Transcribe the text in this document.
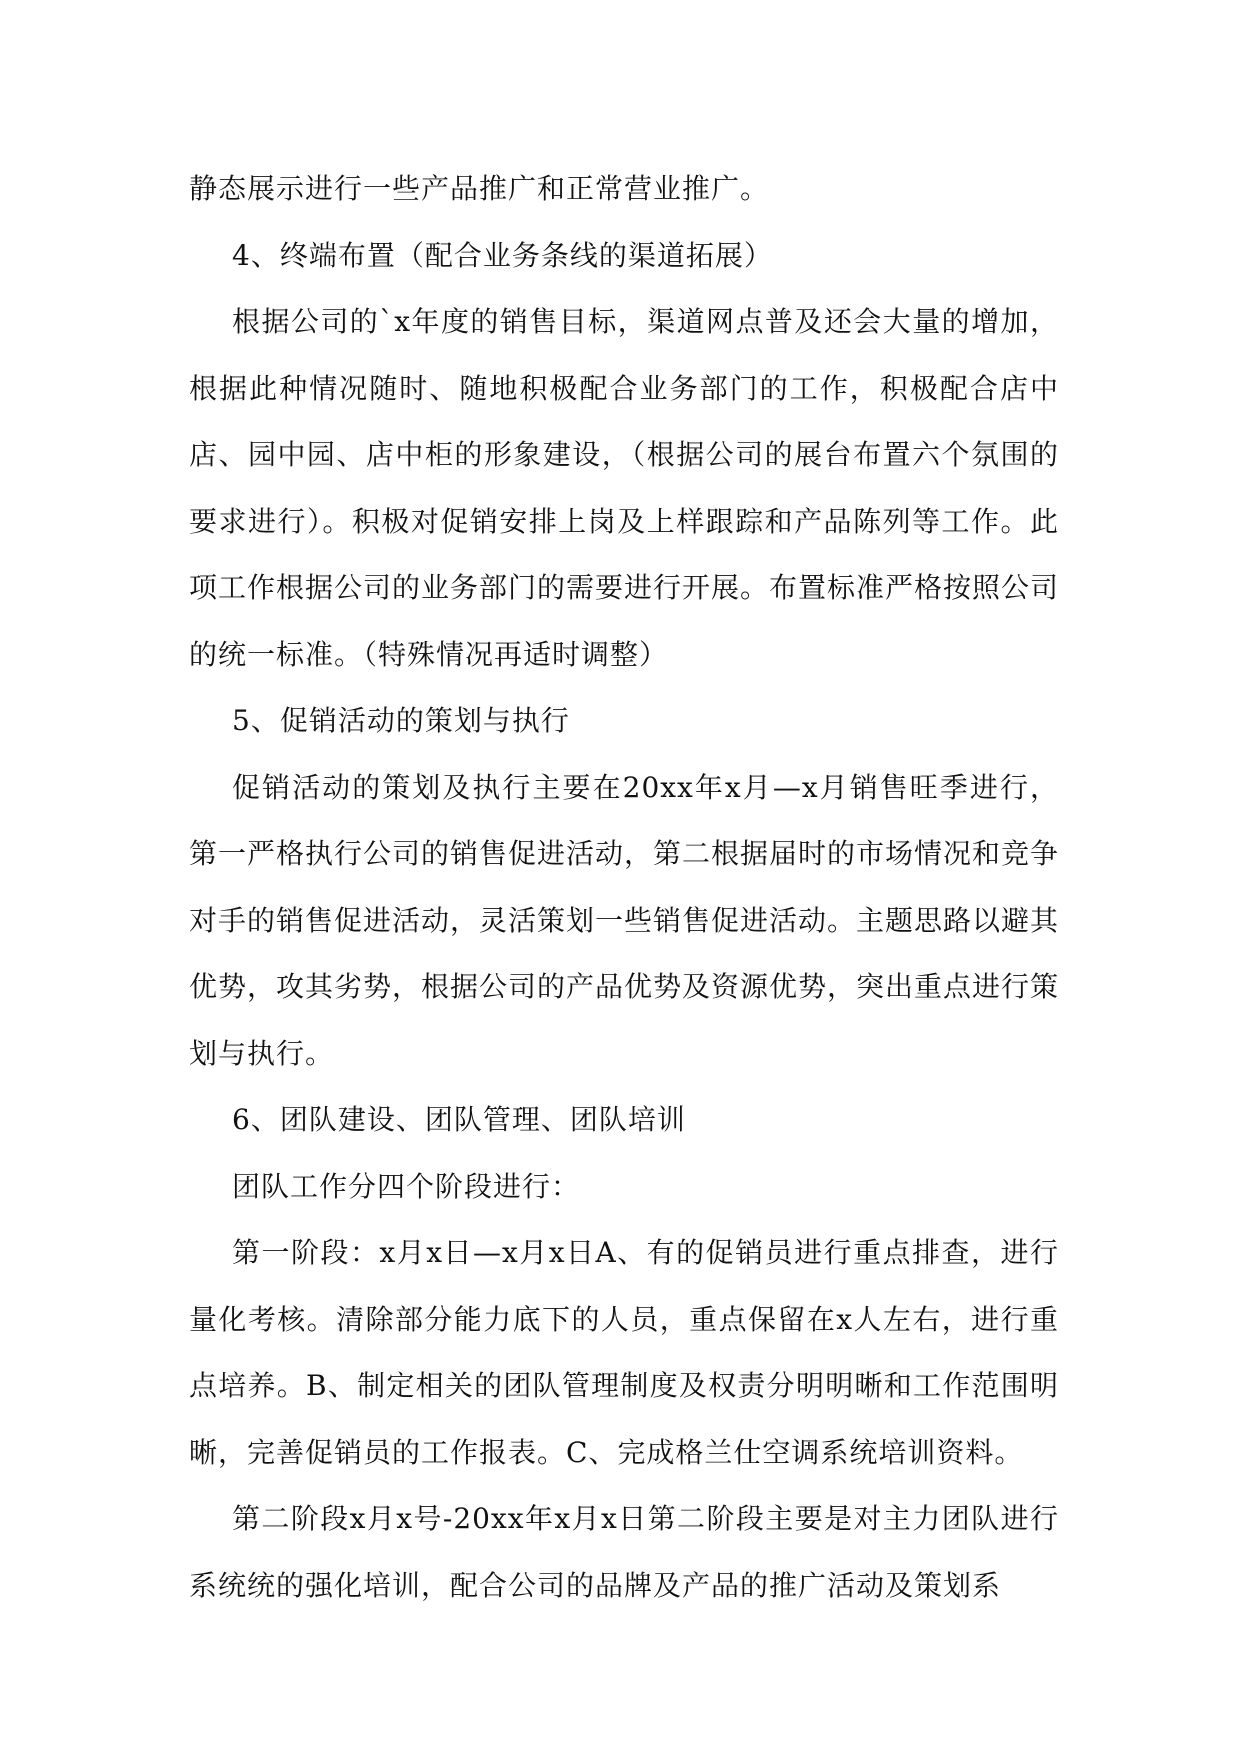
静态展示进行一些产品推广和正常营业推广。

4、终端布置（配合业务条线的渠道拓展）

根据公司的`x年度的销售目标，渠道网点普及还会大量的增加，根据此种情况随时、随地积极配合业务部门的工作，积极配合店中店、园中园、店中柜的形象建设，（根据公司的展台布置六个氛围的要求进行）。积极对促销安排上岗及上样跟踪和产品陈列等工作。此项工作根据公司的业务部门的需要进行开展。布置标准严格按照公司的统一标准。（特殊情况再适时调整）

5、促销活动的策划与执行

促销活动的策划及执行主要在20xx年x月—x月销售旺季进行，第一严格执行公司的销售促进活动，第二根据届时的市场情况和竞争对手的销售促进活动，灵活策划一些销售促进活动。主题思路以避其优势，攻其劣势，根据公司的产品优势及资源优势，突出重点进行策划与执行。

6、团队建设、团队管理、团队培训

团队工作分四个阶段进行：

第一阶段：x月x日—x月x日A、有的促销员进行重点排查，进行量化考核。清除部分能力底下的人员，重点保留在x人左右，进行重点培养。B、制定相关的团队管理制度及权责分明明晰和工作范围明晰，完善促销员的工作报表。C、完成格兰仕空调系统培训资料。

第二阶段x月x号-20xx年x月x日第二阶段主要是对主力团队进行系统统的强化培训，配合公司的品牌及产品的推广活动及策划系
